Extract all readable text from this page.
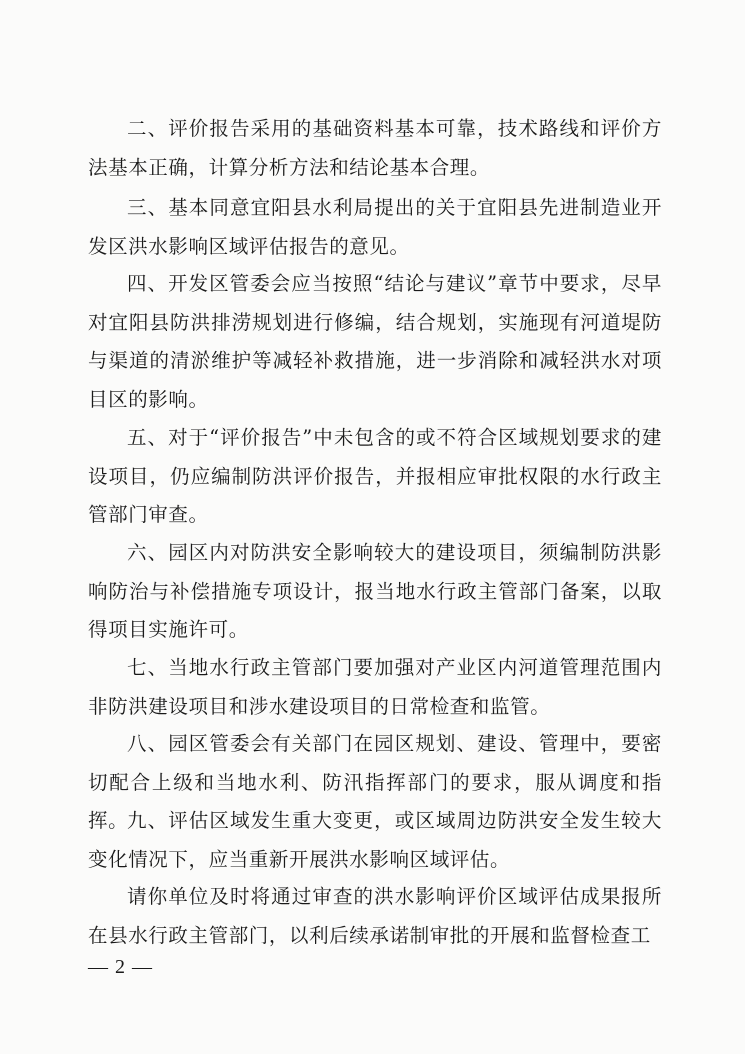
二、评价报告采用的基础资料基本可靠，技术路线和评价方法基本正确，计算分析方法和结论基本合理。

三、基本同意宜阳县水利局提出的关于宜阳县先进制造业开发区洪水影响区域评估报告的意见。

四、开发区管委会应当按照“结论与建议”章节中要求，尽早对宜阳县防洪排涝规划进行修编，结合规划，实施现有河道堤防与渠道的清淤维护等减轻补救措施，进一步消除和减轻洪水对项目区的影响。

五、对于“评价报告”中未包含的或不符合区域规划要求的建设项目，仍应编制防洪评价报告，并报相应审批权限的水行政主管部门审查。

六、园区内对防洪安全影响较大的建设项目，须编制防洪影响防治与补偿措施专项设计，报当地水行政主管部门备案，以取得项目实施许可。

七、当地水行政主管部门要加强对产业区内河道管理范围内非防洪建设项目和涉水建设项目的日常检查和监管。

八、园区管委会有关部门在园区规划、建设、管理中，要密切配合上级和当地水利、防汛指挥部门的要求，服从调度和指挥。

九、评估区域发生重大变更，或区域周边防洪安全发生较大变化情况下，应当重新开展洪水影响区域评估。

请你单位及时将通过审查的洪水影响评价区域评估成果报所在县水行政主管部门，以利后续承诺制审批的开展和监督检查工

— 2 —
